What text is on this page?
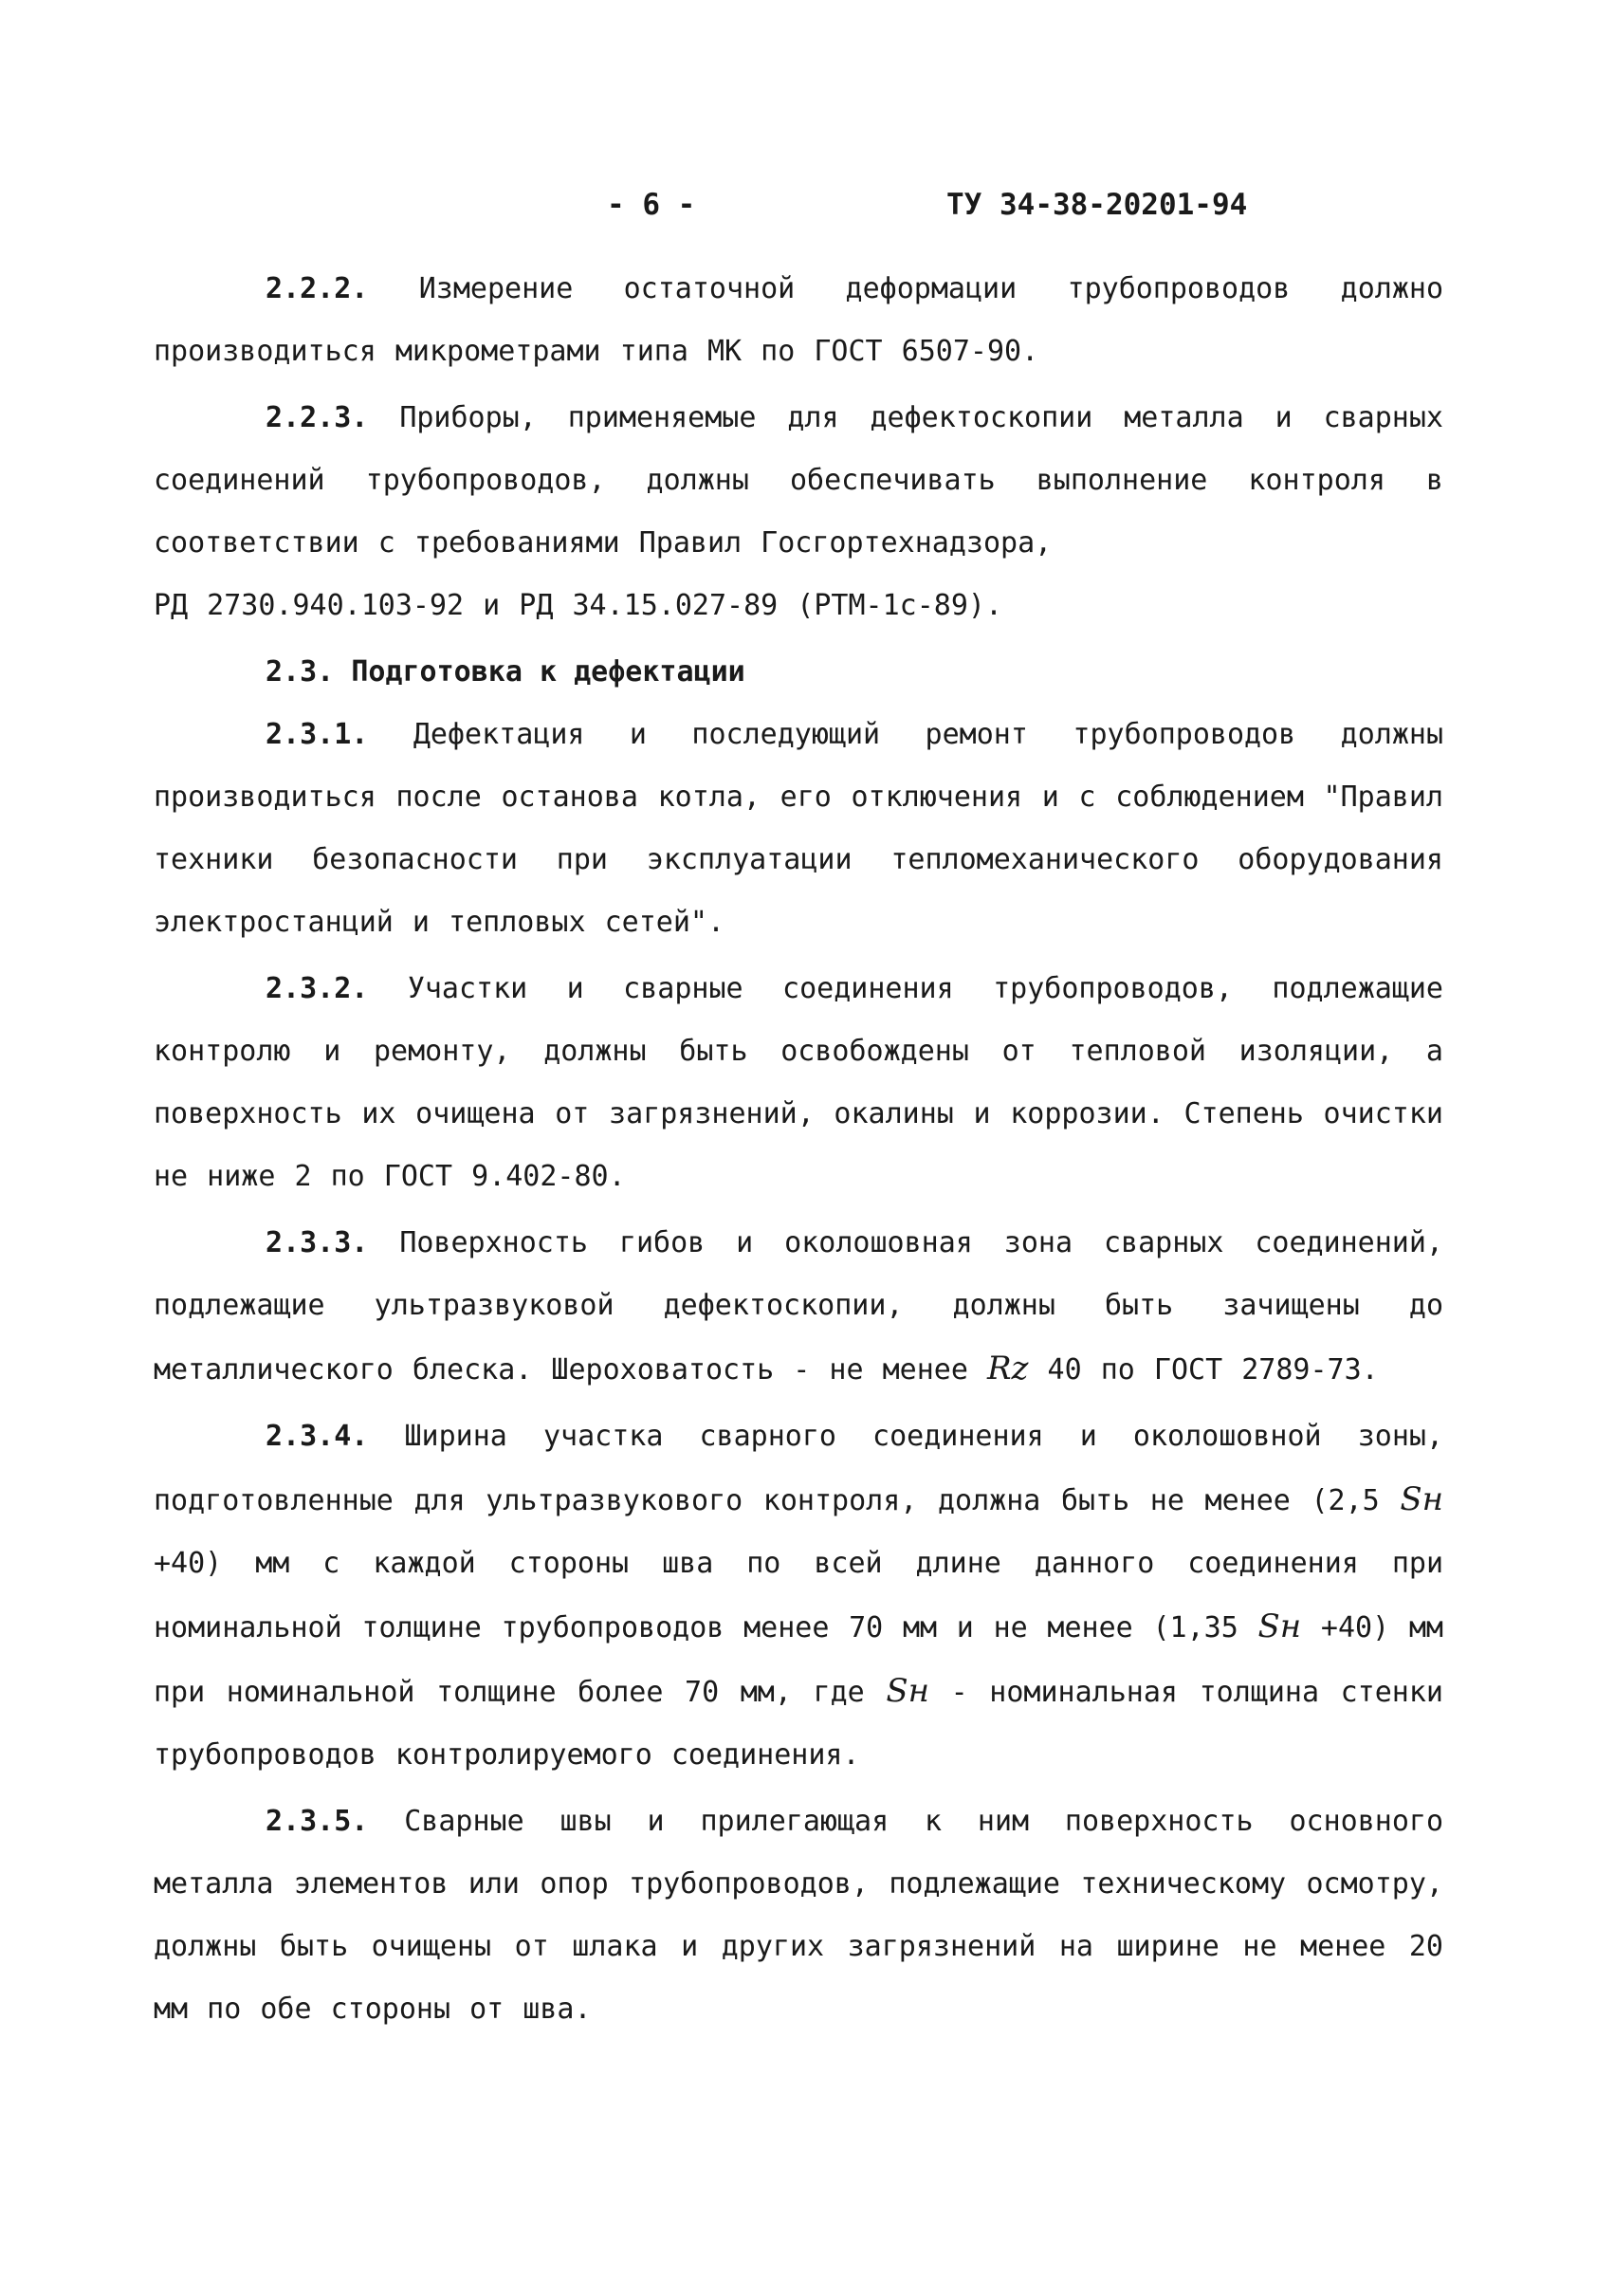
- 6 -	ТУ 34-38-20201-94

2.2.2. Измерение остаточной деформации трубопроводов должно производиться микрометрами типа МК по ГОСТ 6507-90.

2.2.3. Приборы, применяемые для дефектоскопии металла и сварных соединений трубопроводов, должны обеспечивать выполнение контроля в соответствии с требованиями Правил Госгортехнадзора,

РД 2730.940.103-92 и РД 34.15.027-89 (РТМ-1с-89).

2.3. Подготовка к дефектации

2.3.1. Дефектация и последующий ремонт трубопроводов должны производиться после останова котла, его отключения и с соблюдением "Правил техники безопасности при эксплуатации тепломеханического оборудования электростанций и тепловых сетей".

2.3.2. Участки и сварные соединения трубопроводов, подлежащие контролю и ремонту, должны быть освобождены от тепловой изоляции, а поверхность их очищена от загрязнений, окалины и коррозии. Степень очистки не ниже 2 по ГОСТ 9.402-80.

2.3.3. Поверхность гибов и околошовная зона сварных соединений, подлежащие ультразвуковой дефектоскопии, должны быть зачищены до металлического блеска. Шероховатость - не менее Rz 40 по ГОСТ 2789-73.

2.3.4. Ширина участка сварного соединения и околошовной зоны, подготовленные для ультразвукового контроля, должна быть не менее (2,5 Sн +40) мм с каждой стороны шва по всей длине данного соединения при номинальной толщине трубопроводов менее 70 мм и не менее (1,35 Sн +40) мм при номинальной толщине более 70 мм, где Sн - номинальная толщина стенки трубопроводов контролируемого соединения.

2.3.5. Сварные швы и прилегающая к ним поверхность основного металла элементов или опор трубопроводов, подлежащие техническому осмотру, должны быть очищены от шлака и других загрязнений на ширине не менее 20 мм по обе стороны от шва.
